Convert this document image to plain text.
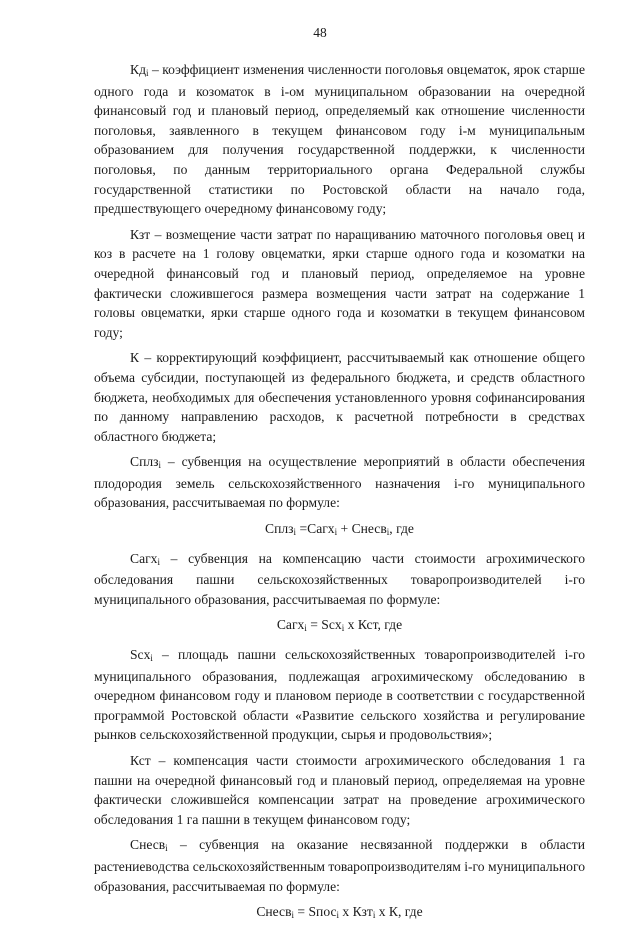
48

$Кд_i$ – коэффициент изменения численности поголовья овцематок, ярок старше одного года и козоматок в i-ом муниципальном образовании на очередной финансовый год и плановый период, определяемый как отношение численности поголовья, заявленного в текущем финансовом году i-м муниципальным образованием для получения государственной поддержки, к численности поголовья, по данным территориального органа Федеральной службы государственной статистики по Ростовской области на начало года, предшествующего очередному финансовому году;

Кзт – возмещение части затрат по наращиванию маточного поголовья овец и коз в расчете на 1 голову овцематки, ярки старше одного года и козоматки на очередной финансовый год и плановый период, определяемое на уровне фактически сложившегося размера возмещения части затрат на содержание 1 головы овцематки, ярки старше одного года и козоматки в текущем финансовом году;

К – корректирующий коэффициент, рассчитываемый как отношение общего объема субсидии, поступающей из федерального бюджета, и средств областного бюджета, необходимых для обеспечения установленного уровня софинансирования по данному направлению расходов, к расчетной потребности в средствах областного бюджета;

Сплз$_i$ – субвенция на осуществление мероприятий в области обеспечения плодородия земель сельскохозяйственного назначения i-го муниципального образования, рассчитываемая по формуле:

Сплз$_i$ =Сагх$_i$ + Снесв$_i$, где

Сагх$_i$ – субвенция на компенсацию части стоимости агрохимического обследования пашни сельскохозяйственных товаропроизводителей i-го муниципального образования, рассчитываемая по формуле:

Сагх$_i$ = Scx$_i$ x Кст, где

Scx$_i$ – площадь пашни сельскохозяйственных товаропроизводителей i-го муниципального образования, подлежащая агрохимическому обследованию в очередном финансовом году и плановом периоде в соответствии с государственной программой Ростовской области «Развитие сельского хозяйства и регулирование рынков сельскохозяйственной продукции, сырья и продовольствия»;

Кст – компенсация части стоимости агрохимического обследования 1 га пашни на очередной финансовый год и плановый период, определяемая на уровне фактически сложившейся компенсации затрат на проведение агрохимического обследования 1 га пашни в текущем финансовом году;

Снесв$_i$ – субвенция на оказание несвязанной поддержки в области растениеводства сельскохозяйственным товаропроизводителям i-го муниципального образования, рассчитываемая по формуле:

Снесв$_i$ = Sпос$_i$ x Кзт$_i$ x К, где
